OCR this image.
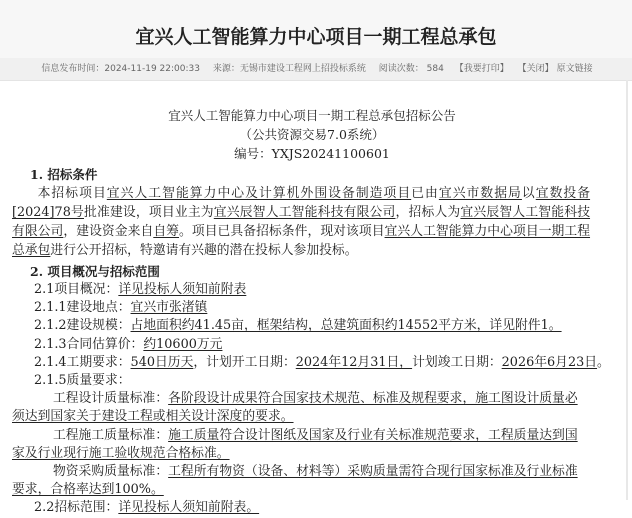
宜兴人工智能算力中心项目一期工程总承包
信息发布时间：2024-11-19 22:00:33 来源：无锡市建设工程网上招投标系统 阅读次数： 584 【我要打印】 【关闭】 原文链接
宜兴人工智能算力中心项目一期工程总承包招标公告
（公共资源交易7.0系统）
编号：YXJS20241100601
1. 招标条件
本招标项目宜兴人工智能算力中心及计算机外围设备制造项目已由宜兴市数据局以宜数投备[2024]78号批准建设，项目业主为宜兴辰智人工智能科技有限公司，招标人为宜兴辰智人工智能科技有限公司，建设资金来自自筹。项目已具备招标条件，现对该项目宜兴人工智能算力中心项目一期工程总承包进行公开招标，特邀请有兴趣的潜在投标人参加投标。
2. 项目概况与招标范围
2.1项目概况：详见投标人须知前附表
2.1.1建设地点：宜兴市张渚镇
2.1.2建设规模：占地面积约41.45亩，框架结构，总建筑面积约14552平方米，详见附件1。
2.1.3合同估算价：约10600万元
2.1.4工期要求：540日历天，计划开工日期：2024年12月31日，计划竣工日期：2026年6月23日。
2.1.5质量要求：
工程设计质量标准：各阶段设计成果符合国家技术规范、标准及规程要求，施工图设计质量必须达到国家关于建设工程或相关设计深度的要求。
工程施工质量标准：施工质量符合设计图纸及国家及行业有关标准规范要求，工程质量达到国家及行业现行施工验收规范合格标准。
物资采购质量标准：工程所有物资（设备、材料等）采购质量需符合现行国家标准及行业标准要求，合格率达到100%。
2.2招标范围：详见投标人须知前附表。
